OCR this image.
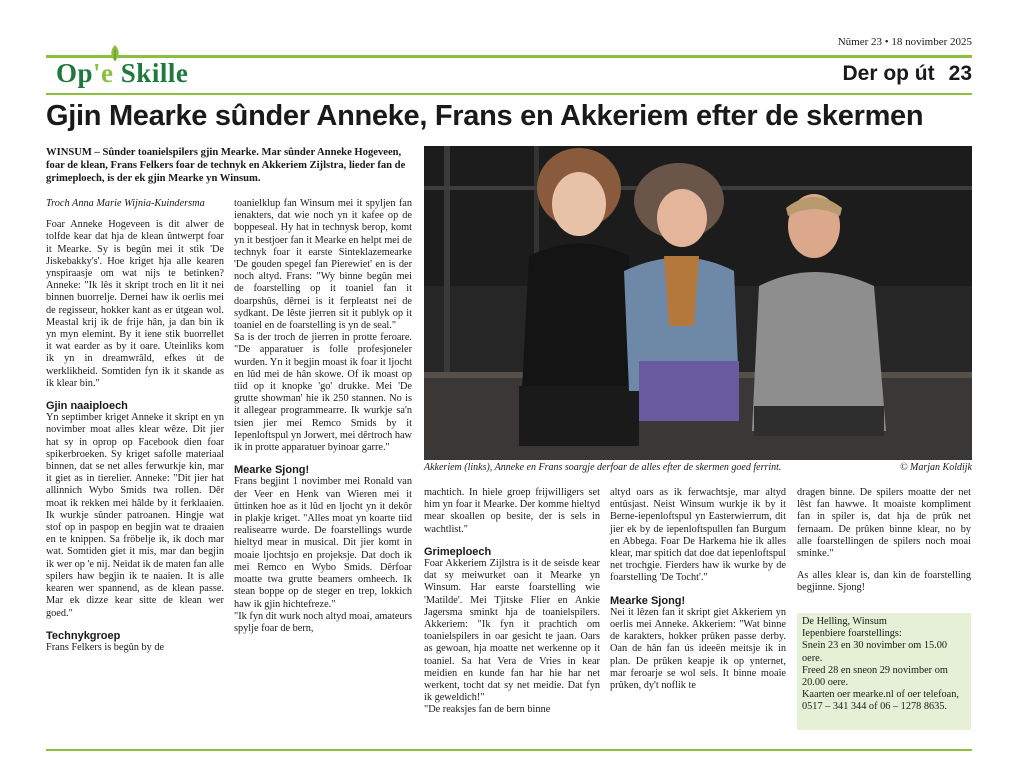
Nûmer 23 • 18 novimber 2025
Op'e Skille	Der op út 23
Gjin Mearke sûnder Anneke, Frans en Akkeriem efter de skermen
WINSUM – Sûnder toanielspilers gjin Mearke. Mar sûnder Anneke Hogeveen, foar de klean, Frans Felkers foar de technyk en Akkeriem Zijlstra, lieder fan de grimeploech, is der ek gjin Mearke yn Winsum.
Akkeriem (links), Anneke en Frans soargje derfoar de alles efter de skermen goed ferrint.	© Marjan Koldijk

Troch Anna Marie Wijnia-Kuindersma

Foar Anneke Hogeveen is dit alwer de tolfde kear dat hja de klean ûntwerpt foar it Mearke. Sy is begûn mei it stik 'De Jiskebakky's'. Hoe kriget hja alle kearen ynspiraasje om wat nijs te betinken? Anneke: "Ik lês it skript troch en lit it nei binnen buorrelje. Dernei haw ik oerlis mei de regisseur, hokker kant as er útgean wol. Meastal krij ik de frije hân, ja dan bin ik yn myn elemint. By it iene stik buorrellet it wat earder as by it oare. Uteinliks kom ik yn in dreamwrâld, efkes út de werklikheid. Somtiden fyn ik it skande as ik klear bin."

Gjin naaiploech

Yn septimber kriget Anneke it skript en yn novimber moat alles klear wêze. Dit jier hat sy in oprop op Facebook dien foar spikerbroeken. Sy kriget safolle materiaal binnen, dat se net alles ferwurkje kin, mar it giet as in tierelier. Anneke: "Dit jier hat allinnich Wybo Smids twa rollen. Dêr moat ik rekken mei hâlde by it ferklaaien. Ik wurkje sûnder patroanen. Hingje wat stof op in paspop en begjin wat te draaien en te knippen. Sa fröbelje ik, ik doch mar wat. Somtiden giet it mis, mar dan begjin ik wer op 'e nij. Neidat ik de maten fan alle spilers haw begjin ik te naaien. It is alle kearen wer spannend, as de klean passe. Mar ek dizze kear sitte de klean wer goed."

Technykgroep

Frans Felkers is begûn by de

toanielklup fan Winsum mei it spyljen fan ienakters, dat wie noch yn it kafee op de boppeseal. Hy hat in technysk berop, komt yn it bestjoer fan it Mearke en helpt mei de technyk foar it earste Sinteklazemearke 'De gouden spegel fan Pierewiet' en is der noch altyd. Frans: "Wy binne begûn mei de foarstelling op it toaniel fan it doarpshûs, dêrnei is it ferpleatst nei de sydkant. De lêste jierren sit it publyk op it toaniel en de foarstelling is yn de seal."

Sa is der troch de jierren in protte feroare. "De apparatuer is folle profesjoneler wurden. Yn it begjin moast ik foar it ljocht en lûd mei de hân skowe. Of ik moast op tiid op it knopke 'go' drukke. Mei 'De grutte showman' hie ik 250 stannen. No is it allegear programmearre. Ik wurkje sa'n tsien jier mei Remco Smids by it Iepenloftspul yn Jorwert, mei dêrtroch haw ik in protte apparatuer byinoar garre."

Mearke Sjong!

Frans begjint 1 novimber mei Ronald van der Veer en Henk van Wieren mei it ûttinken hoe as it lûd en ljocht yn it dekôr in plakje kriget. "Alles moat yn koarte tiid realisearre wurde. De foarstellings wurde hieltyd mear in musical. Dit jier komt in moaie ljochtsjo en projeksje. Dat doch ik mei Remco en Wybo Smids. Dêrfoar moatte twa grutte beamers omheech. Ik stean boppe op de steger en trep, lokkich haw ik gjin hichtefreze."

"Ik fyn dit wurk noch altyd moai, amateurs spylje foar de bern,

machtich. In hiele groep frijwilligers set him yn foar it Mearke. Der komme hieltyd mear skoallen op besite, der is sels in wachtlist."

Grimeploech

Foar Akkeriem Zijlstra is it de seisde kear dat sy meiwurket oan it Mearke yn Winsum. Har earste foarstelling wie 'Matilde'. Mei Tjitske Flier en Ankie Jagersma sminkt hja de toanielspilers. Akkeriem: "Ik fyn it prachtich om toanielspilers in oar gesicht te jaan. Oars as gewoan, hja moatte net werkenne op it toaniel. Sa hat Vera de Vries in kear meidien en kunde fan har hie har net werkent, tocht dat sy net meidie. Dat fyn ik geweldich!"

"De reaksjes fan de bern binne

altyd oars as ik ferwachtsje, mar altyd entûsjast. Neist Winsum wurkje ik by it Berne-iepenloftspul yn Easterwierrum, dit jier ek by de iepenloftspullen fan Burgum en Abbega. Foar De Harkema hie ik alles klear, mar spitich dat doe dat iepenloftspul net trochgie. Fierders haw ik wurke by de foarstelling 'De Tocht'."

Mearke Sjong!

Nei it lêzen fan it skript giet Akkeriem yn oerlis mei Anneke. Akkeriem: "Wat binne de karakters, hokker prûken passe derby. Oan de hân fan ús ideeën meitsje ik in plan. De prûken keapje ik op ynternet, mar feroarje se wol sels. It binne moaie prûken, dy't noflik te

dragen binne. De spilers moatte der net lêst fan hawwe. It moaiste kompliment fan in spiler is, dat hja de prûk net fernaam. De prûken binne klear, no by alle foarstellingen de spilers noch moai sminke."

As alles klear is, dan kin de foarstelling begjinne. Sjong!

De Helling, Winsum
Iepenbiere foarstellings:
Snein 23 en 30 novimber om 15.00 oere.
Freed 28 en sneon 29 novimber om 20.00 oere.
Kaarten oer mearke.nl of oer telefoan, 0517 – 341 344 of 06 – 1278 8635.
